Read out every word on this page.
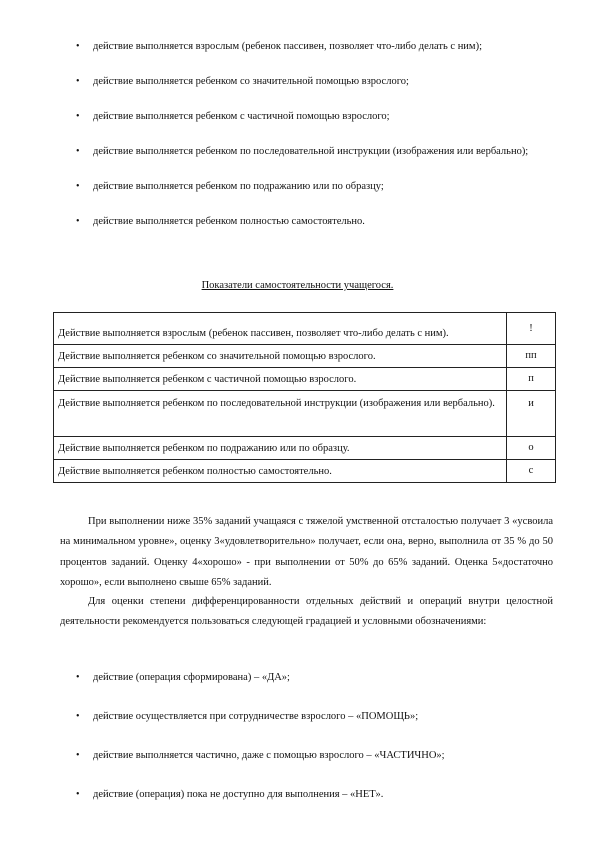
• действие выполняется взрослым (ребенок пассивен, позволяет что-либо делать с ним);
• действие выполняется ребенком со значительной помощью взрослого;
• действие выполняется ребенком с частичной помощью взрослого;
• действие выполняется ребенком по последовательной инструкции (изображения или вербально);
• действие выполняется ребенком по подражанию или по образцу;
• действие выполняется ребенком полностью самостоятельно.
Показатели самостоятельности учащегося.
Действие выполняется взрослым (ребенок пассивен, позволяет что-либо делать с ним).	!
Действие выполняется ребенком со значительной помощью взрослого.	пп
Действие выполняется ребенком с частичной помощью взрослого.	п
Действие выполняется ребенком по последовательной инструкции (изображения или вербально).	и
Действие выполняется ребенком по подражанию или по образцу.	о
Действие выполняется ребенком полностью самостоятельно.	с

При выполнении ниже 35% заданий учащаяся с тяжелой умственной отсталостью получает 3 «усвоила на минимальном уровне», оценку 3«удовлетворительно» получает, если она, верно, выполнила от 35 % до 50 процентов заданий. Оценку 4«хорошо» - при выполнении от 50% до 65% заданий. Оценка 5«достаточно хорошо», если выполнено свыше 65% заданий.

Для оценки степени дифференцированности отдельных действий и операций внутри целостной деятельности рекомендуется пользоваться следующей градацией и условными обозначениями:

• действие (операция сформирована) – «ДА»;
• действие осуществляется при сотрудничестве взрослого – «ПОМОЩЬ»;
• действие выполняется частично, даже с помощью взрослого – «ЧАСТИЧНО»;
• действие (операция) пока не доступно для выполнения – «НЕТ».
